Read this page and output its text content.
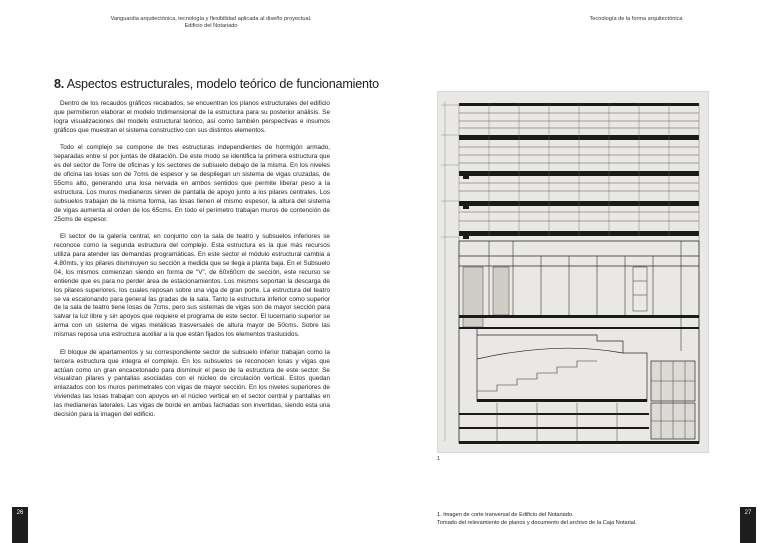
Vanguardia arquitectónica, tecnología y flexibilidad aplicada al diseño proyectual.
Edificio del Notariado
8. Aspectos estructurales, modelo teórico de funcionamiento

Dentro de los recaudos gráficos recabados, se encuentran los planos estructurales del edificio que permitieron elaborar el modelo tridimensional de la estructura para su posterior análisis. Se logra visualizaciones del modelo estructural teórico, así como también perspectivas e insumos gráficos que muestran el sistema constructivo con sus distintos elementos.

Todo el complejo se compone de tres estructuras independientes de hormigón armado, separadas entre sí por juntas de dilatación. De este modo se identifica la primera estructura que es del sector de Torre de oficinas y los sectores de subsuelo debajo de la misma. En los niveles de oficina las losas son de 7cms de espesor y se despliegan un sistema de vigas cruzadas, de 55cms alto, generando una losa nervada en ambos sentidos que permite liberar peso a la estructura. Los muros medianeros sirven de pantalla de apoyo junto a los pilares centrales. Los subsuelos trabajan de la misma forma, las losas tienen el mismo espesor, la altura del sistema de vigas aumenta al orden de los 65cms. En todo el perímetro trabajan muros de contención de 25cms de espesor.

El sector de la galería central, en conjunto con la sala de teatro y subsuelos inferiores se reconoce como la segunda estructura del complejo. Esta estructura es la que más recursos utiliza para atender las demandas programáticas. En este sector el módulo estructural cambia a 4.80mts, y los pilares disminuyen su sección a medida que se llega a planta baja. En el Subsuelo 04, los mismos comienzan siendo en forma de “V”, de 60x60cm de sección, este recurso se entiende que es para no perder área de estacionamientos. Los mismos soportan la descarga de los pilares superiores, los cuales reposan sobre una viga de gran porte. La estructura del teatro se va escalonando para general las gradas de la sala. Tanto la estructura inferior como superior de la sala de teatro tiene losas de 7cms, pero sus sistemas de vigas son de mayor sección para salvar la luz libre y sin apoyos que requiere el programa de este sector. El lucernario superior se arma con un sistema de vigas metálicas trasversales de altura mayor de 50cms. Sobre las mismas reposa una estructura auxiliar a la que están fijados los elementos traslucidos.

El bloque de apartamentos y su correspondiente sector de subsuelo inferior trabajan como la tercera estructura que integra el complejo. En los subsuelos se reconocen losas y vigas que actúan como un gran encacetonado para disminuir el peso de la estructura de este sector. Se visualizan pilares y pantallas asociadas con el núcleo de circulación vertical. Estos quedan enlazados con los muros perimetrales con vigas de mayor sección. En los niveles superiores de viviendas las losas trabajan con apoyos en el núcleo vertical en el sector central y pantallas en las medianeras laterales. Las vigas de borde en ambas fachadas son invertidas, siendo esta una decisión para la imagen del edificio.

26
Tecnología de la forma arquitectónica
1
1. Imagen de corte tranversal de Edificio del Notariado.
Tomado del relevamiento de planos y documento del archivo de la Caja Notarial.
27
